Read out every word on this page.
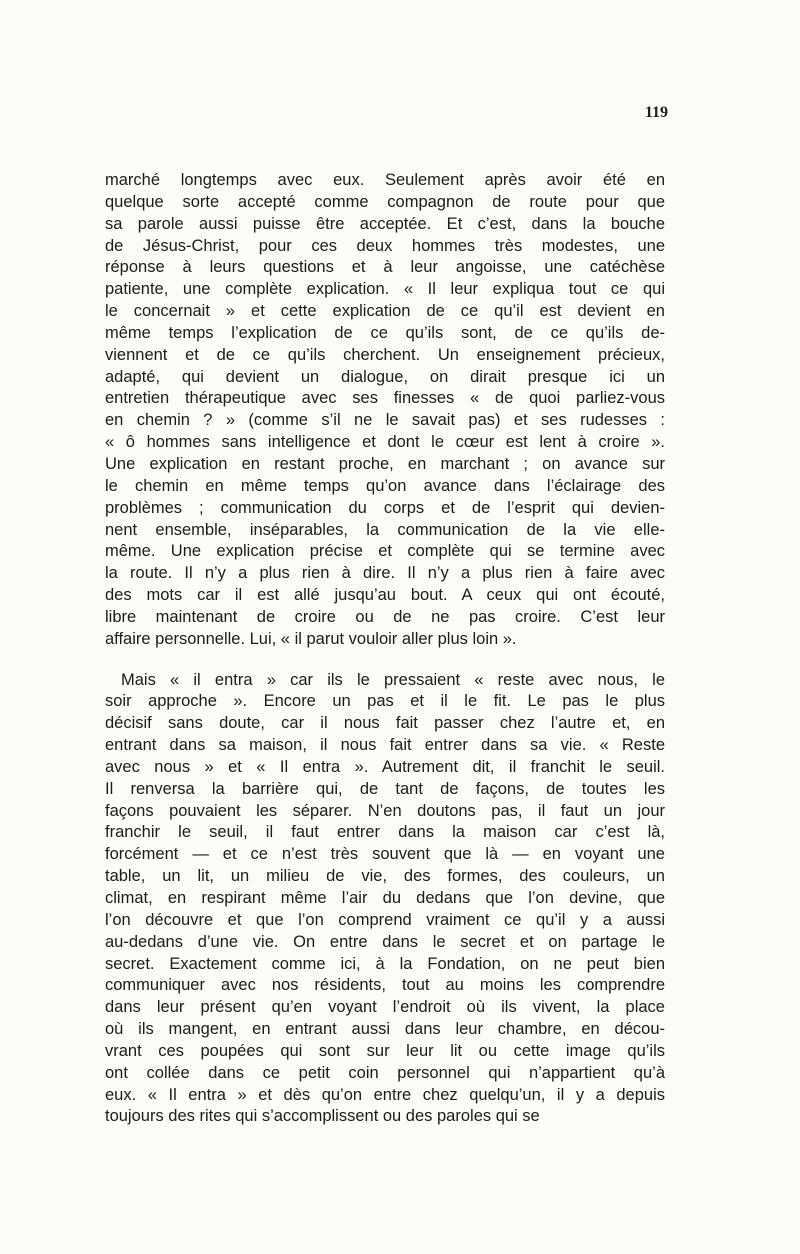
119

marché longtemps avec eux. Seulement après avoir été en
quelque sorte accepté comme compagnon de route pour que
sa parole aussi puisse être acceptée. Et c’est, dans la bouche
de Jésus-Christ, pour ces deux hommes très modestes, une
réponse à leurs questions et à leur angoisse, une catéchèse
patiente, une complète explication. « Il leur expliqua tout ce qui
le concernait » et cette explication de ce qu’il est devient en
même temps l’explication de ce qu’ils sont, de ce qu’ils de-
viennent et de ce qu’ils cherchent. Un enseignement précieux,
adapté, qui devient un dialogue, on dirait presque ici un
entretien thérapeutique avec ses finesses « de quoi parliez-vous
en chemin ? » (comme s’il ne le savait pas) et ses rudesses :
« ô hommes sans intelligence et dont le cœur est lent à croire ».
Une explication en restant proche, en marchant ; on avance sur
le chemin en même temps qu’on avance dans l’éclairage des
problèmes ; communication du corps et de l’esprit qui devien-
nent ensemble, inséparables, la communication de la vie elle-
même. Une explication précise et complète qui se termine avec
la route. Il n’y a plus rien à dire. Il n’y a plus rien à faire avec
des mots car il est allé jusqu’au bout. A ceux qui ont écouté,
libre maintenant de croire ou de ne pas croire. C’est leur
affaire personnelle. Lui, « il parut vouloir aller plus loin ».

Mais « il entra » car ils le pressaient « reste avec nous, le
soir approche ». Encore un pas et il le fit. Le pas le plus
décisif sans doute, car il nous fait passer chez l’autre et, en
entrant dans sa maison, il nous fait entrer dans sa vie. « Reste
avec nous » et « Il entra ». Autrement dit, il franchit le seuil.
Il renversa la barrière qui, de tant de façons, de toutes les
façons pouvaient les séparer. N’en doutons pas, il faut un jour
franchir le seuil, il faut entrer dans la maison car c’est là,
forcément — et ce n’est très souvent que là — en voyant une
table, un lit, un milieu de vie, des formes, des couleurs, un
climat, en respirant même l’air du dedans que l’on devine, que
l’on découvre et que l’on comprend vraiment ce qu’il y a aussi
au-dedans d’une vie. On entre dans le secret et on partage le
secret. Exactement comme ici, à la Fondation, on ne peut bien
communiquer avec nos résidents, tout au moins les comprendre
dans leur présent qu’en voyant l’endroit où ils vivent, la place
où ils mangent, en entrant aussi dans leur chambre, en décou-
vrant ces poupées qui sont sur leur lit ou cette image qu’ils
ont collée dans ce petit coin personnel qui n’appartient qu’à
eux. « Il entra » et dès qu’on entre chez quelqu’un, il y a depuis
toujours des rites qui s’accomplissent ou des paroles qui se
